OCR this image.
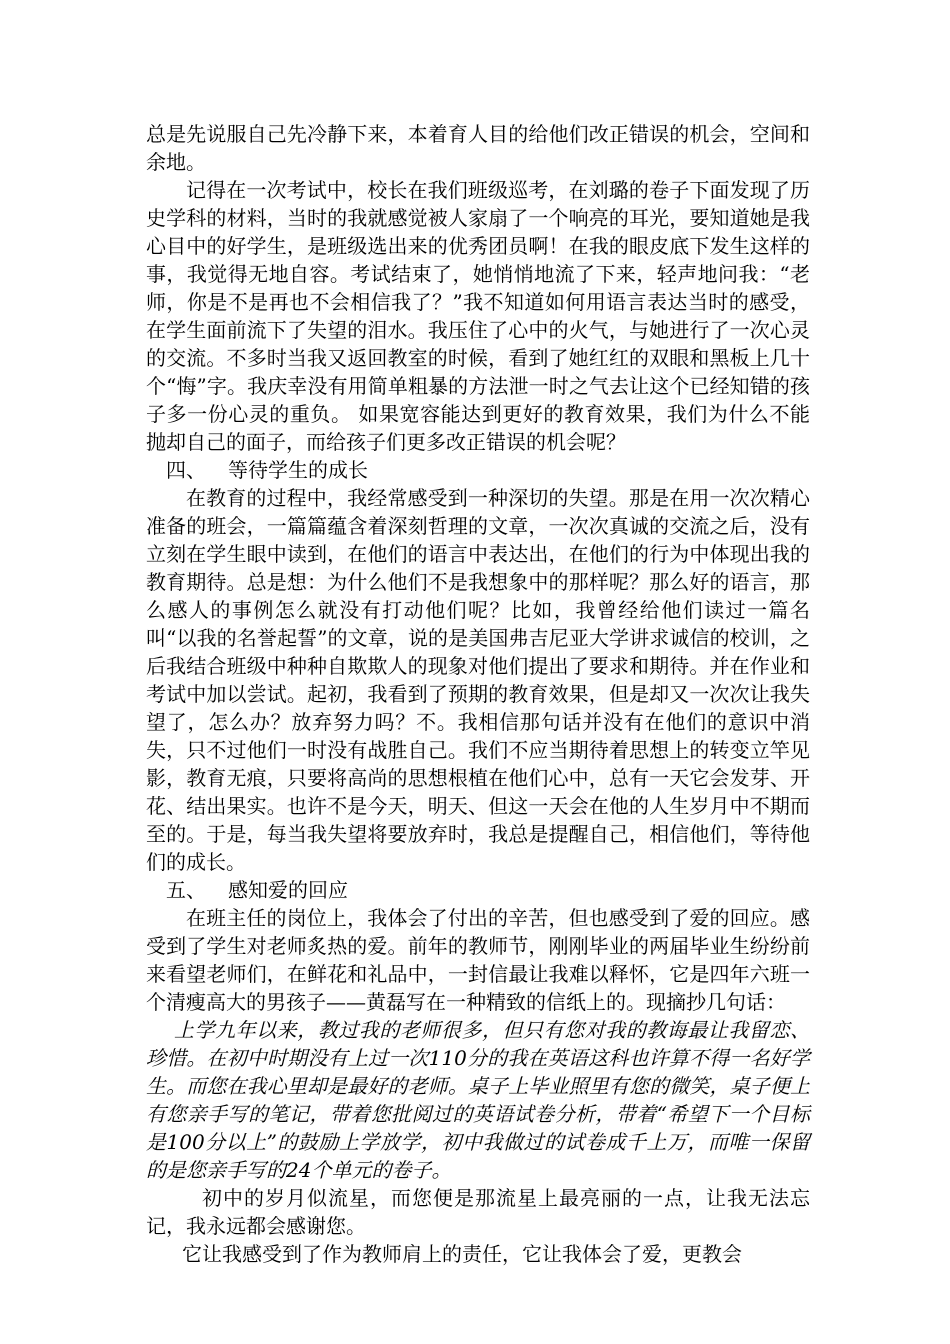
总是先说服自己先冷静下来，本着育人目的给他们改正错误的机会，空间和余地。

记得在一次考试中，校长在我们班级巡考，在刘璐的卷子下面发现了历史学科的材料，当时的我就感觉被人家扇了一个响亮的耳光，要知道她是我心目中的好学生，是班级选出来的优秀团员啊！在我的眼皮底下发生这样的事，我觉得无地自容。考试结束了，她悄悄地流了下来，轻声地问我：“老师，你是不是再也不会相信我了？”我不知道如何用语言表达当时的感受，在学生面前流下了失望的泪水。我压住了心中的火气，与她进行了一次心灵的交流。不多时当我又返回教室的时候，看到了她红红的双眼和黑板上几十个“悔”字。我庆幸没有用简单粗暴的方法泄一时之气去让这个已经知错的孩子多一份心灵的重负。 如果宽容能达到更好的教育效果，我们为什么不能抛却自己的面子，而给孩子们更多改正错误的机会呢？

四、 等待学生的成长

在教育的过程中，我经常感受到一种深切的失望。那是在用一次次精心准备的班会，一篇篇蕴含着深刻哲理的文章，一次次真诚的交流之后，没有立刻在学生眼中读到，在他们的语言中表达出，在他们的行为中体现出我的教育期待。总是想：为什么他们不是我想象中的那样呢？那么好的语言，那么感人的事例怎么就没有打动他们呢？比如，我曾经给他们读过一篇名叫“以我的名誉起誓”的文章，说的是美国弗吉尼亚大学讲求诚信的校训，之后我结合班级中种种自欺欺人的现象对他们提出了要求和期待。并在作业和考试中加以尝试。起初，我看到了预期的教育效果，但是却又一次次让我失望了，怎么办？放弃努力吗？不。我相信那句话并没有在他们的意识中消失，只不过他们一时没有战胜自己。我们不应当期待着思想上的转变立竿见影，教育无痕，只要将高尚的思想根植在他们心中，总有一天它会发芽、开花、结出果实。也许不是今天，明天、但这一天会在他的人生岁月中不期而至的。于是，每当我失望将要放弃时，我总是提醒自己，相信他们，等待他们的成长。

五、 感知爱的回应

在班主任的岗位上，我体会了付出的辛苦，但也感受到了爱的回应。感受到了学生对老师炙热的爱。前年的教师节，刚刚毕业的两届毕业生纷纷前来看望老师们，在鲜花和礼品中，一封信最让我难以释怀，它是四年六班一个清瘦高大的男孩子——黄磊写在一种精致的信纸上的。现摘抄几句话：

上学九年以来，教过我的老师很多，但只有您对我的教诲最让我留恋、珍惜。在初中时期没有上过一次110分的我在英语这科也许算不得一名好学生。而您在我心里却是最好的老师。桌子上毕业照里有您的微笑，桌子便上有您亲手写的笔记，带着您批阅过的英语试卷分析，带着“希望下一个目标是100分以上”的鼓励上学放学，初中我做过的试卷成千上万，而唯一保留的是您亲手写的24个单元的卷子。

初中的岁月似流星，而您便是那流星上最亮丽的一点，让我无法忘记，我永远都会感谢您。

它让我感受到了作为教师肩上的责任，它让我体会了爱，更教会
